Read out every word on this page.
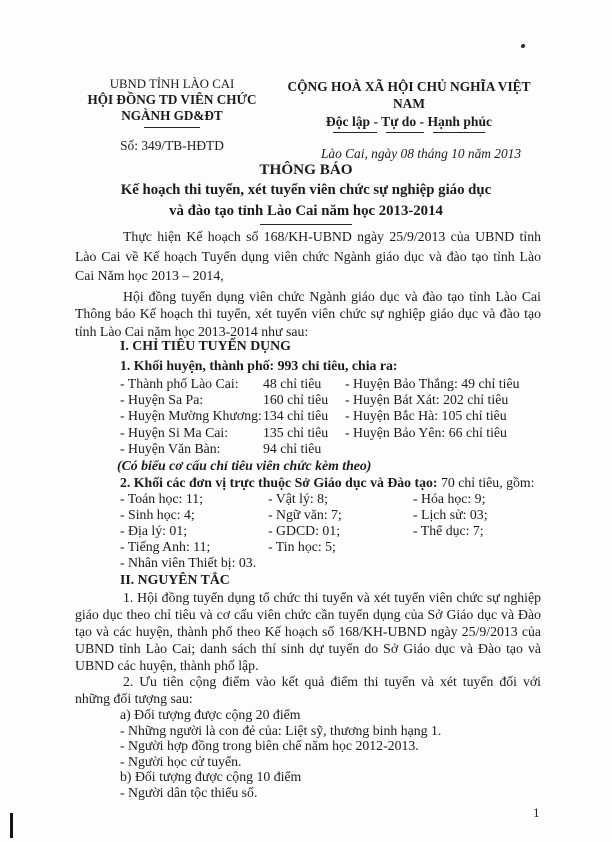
UBND TỈNH LÀO CAI
HỘI ĐỒNG TD VIÊN CHỨC
NGÀNH GD&ĐT
Số: 349/TB-HĐTD
CỘNG HOÀ XÃ HỘI CHỦ NGHĨA VIỆT NAM
Độc lập - Tự do - Hạnh phúc
Lào Cai, ngày 08 tháng 10 năm 2013
THÔNG BÁO
Kế hoạch thi tuyển, xét tuyển viên chức sự nghiệp giáo dục
và đào tạo tỉnh Lào Cai năm học 2013-2014
Thực hiện Kế hoạch số 168/KH-UBND ngày 25/9/2013 của UBND tỉnh Lào Cai về Kế hoạch Tuyển dụng viên chức Ngành giáo dục và đào tạo tỉnh Lào Cai Năm học 2013 – 2014,
Hội đồng tuyển dụng viên chức Ngành giáo dục và đào tạo tỉnh Lào Cai Thông báo Kế hoạch thi tuyển, xét tuyển viên chức sự nghiệp giáo dục và đào tạo tỉnh Lào Cai năm học 2013-2014 như sau:
I. CHỈ TIÊU TUYỂN DỤNG
1. Khối huyện, thành phố: 993 chỉ tiêu, chia ra:
- Thành phố Lào Cai: 48 chỉ tiêu - Huyện Bảo Thắng: 49 chỉ tiêu
- Huyện Sa Pa:	160 chỉ tiêu - Huyện Bát Xát: 202 chỉ tiêu
- Huyện Mường Khương: 134 chỉ tiêu - Huyện Bắc Hà: 105 chỉ tiêu
- Huyện Si Ma Cai:	135 chỉ tiêu - Huyện Bảo Yên: 66 chỉ tiêu
- Huyện Văn Bàn:	94 chỉ tiêu
(Có biểu cơ cấu chỉ tiêu viên chức kèm theo)
2. Khối các đơn vị trực thuộc Sở Giáo dục và Đào tạo: 70 chỉ tiêu, gồm:
- Toán học: 11;	- Vật lý: 8;	- Hóa học: 9;
- Sinh học: 4;	- Ngữ văn: 7;	- Lịch sử: 03;
- Địa lý: 01;	- GDCD: 01;	- Thể dục: 7;
- Tiếng Anh: 11;	- Tin học: 5;
- Nhân viên Thiết bị: 03.
II. NGUYÊN TẮC
1. Hội đồng tuyển dụng tổ chức thi tuyển và xét tuyển viên chức sự nghiệp giáo dục theo chỉ tiêu và cơ cấu viên chức cần tuyển dụng của Sở Giáo dục và Đào tạo và các huyện, thành phố theo Kế hoạch số 168/KH-UBND ngày 25/9/2013 của UBND tỉnh Lào Cai; danh sách thí sinh dự tuyển do Sở Giáo dục và Đào tạo và UBND các huyện, thành phố lập.
2. Ưu tiên cộng điểm vào kết quả điểm thi tuyển và xét tuyển đối với những đối tượng sau:
a) Đối tượng được cộng 20 điểm
- Những người là con đẻ của: Liệt sỹ, thương binh hạng 1.
- Người hợp đồng trong biên chế năm học 2012-2013.
- Người học cử tuyển.
b) Đối tượng được cộng 10 điểm
- Người dân tộc thiểu số.
1
